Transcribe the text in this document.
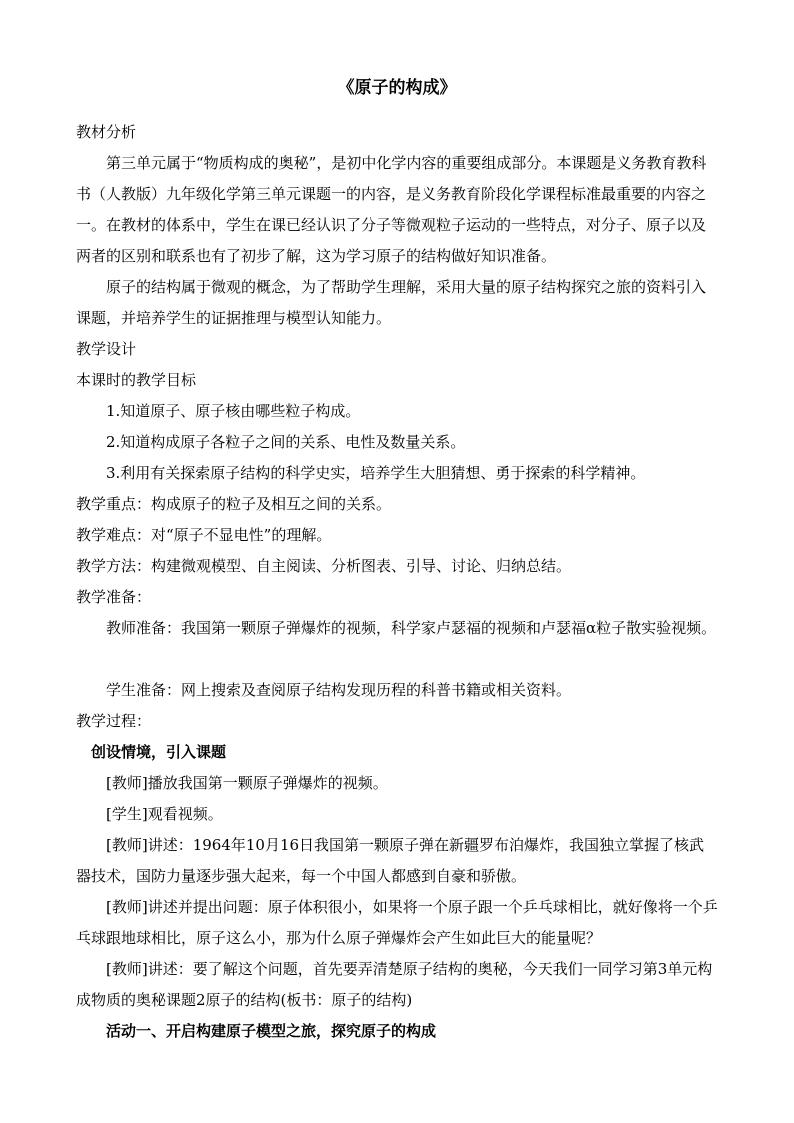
《原子的构成》

教材分析

第三单元属于“物质构成的奥秘”，是初中化学内容的重要组成部分。本课题是义务教育教科书（人教版）九年级化学第三单元课题一的内容，是义务教育阶段化学课程标准最重要的内容之一。在教材的体系中，学生在课已经认识了分子等微观粒子运动的一些特点，对分子、原子以及两者的区别和联系也有了初步了解，这为学习原子的结构做好知识准备。

原子的结构属于微观的概念，为了帮助学生理解，采用大量的原子结构探究之旅的资料引入课题，并培养学生的证据推理与模型认知能力。

教学设计

本课时的教学目标

1.知道原子、原子核由哪些粒子构成。

2.知道构成原子各粒子之间的关系、电性及数量关系。

3.利用有关探索原子结构的科学史实，培养学生大胆猜想、勇于探索的科学精神。

教学重点：构成原子的粒子及相互之间的关系。

教学难点：对“原子不显电性”的理解。

教学方法：构建微观模型、自主阅读、分析图表、引导、讨论、归纳总结。

教学准备：

教师准备：我国第一颗原子弹爆炸的视频，科学家卢瑟福的视频和卢瑟福α粒子散实验视频。

学生准备：网上搜索及查阅原子结构发现历程的科普书籍或相关资料。

教学过程：

创设情境，引入课题

[教师]播放我国第一颗原子弹爆炸的视频。

[学生]观看视频。

[教师]讲述：1964年10月16日我国第一颗原子弹在新疆罗布泊爆炸，我国独立掌握了核武器技术，国防力量逐步强大起来，每一个中国人都感到自豪和骄傲。

[教师]讲述并提出问题：原子体积很小，如果将一个原子跟一个乒乓球相比，就好像将一个乒乓球跟地球相比，原子这么小，那为什么原子弹爆炸会产生如此巨大的能量呢？

[教师]讲述：要了解这个问题，首先要弄清楚原子结构的奥秘，今天我们一同学习第3单元构成物质的奥秘课题2原子的结构(板书：原子的结构)

活动一、开启构建原子模型之旅，探究原子的构成
